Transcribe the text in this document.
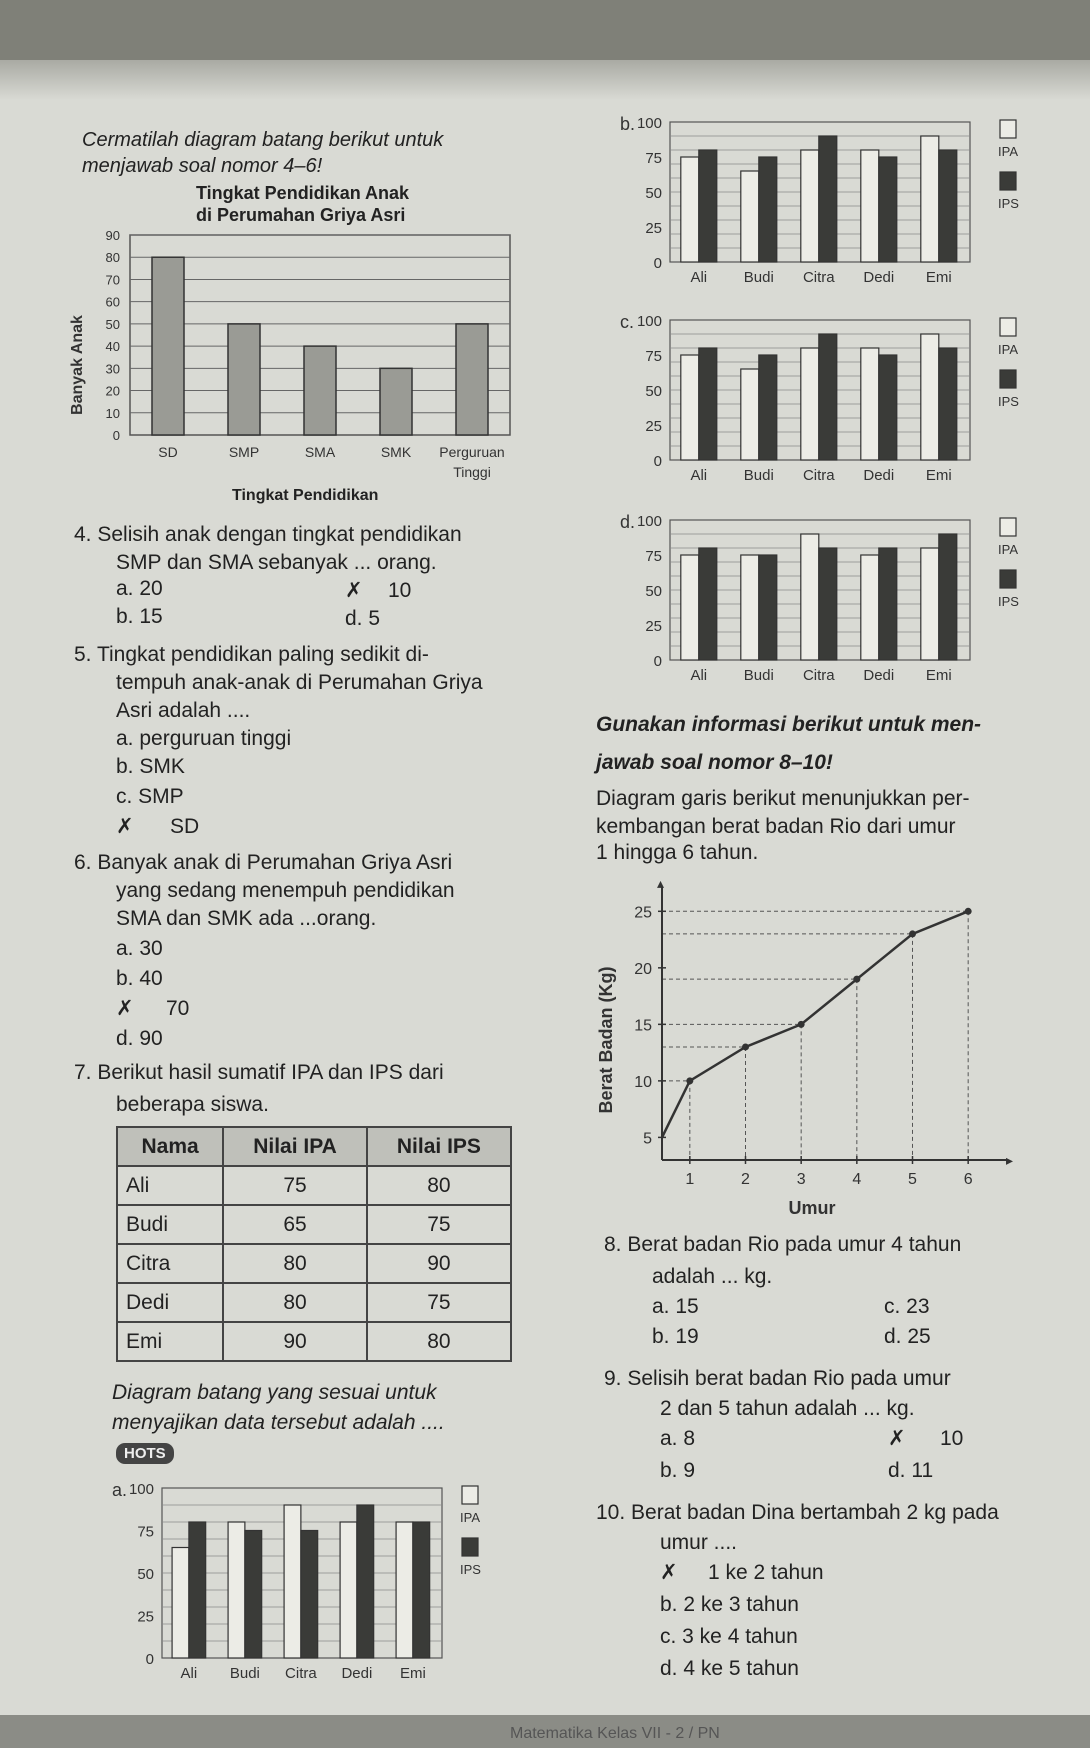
Cermatilah diagram batang berikut untuk
menjawab soal nomor 4–6!
Tingkat Pendidikan Anak
di Perumahan Griya Asri
0
10
20
30
40
50
60
70
80
90
SD	SMP	SMA	SMK Perguruan
Tinggi
Banyak Anak
Tingkat Pendidikan
4. Selisih anak dengan tingkat pendidikan
SMP dan SMA sebanyak ... orang.
a. 20
b. 15
✗ 10
d. 5
5. Tingkat pendidikan paling sedikit di-
tempuh anak-anak di Perumahan Griya
Asri adalah ....
a. perguruan tinggi
b. SMK
c. SMP
✗ SD
6. Banyak anak di Perumahan Griya Asri
yang sedang menempuh pendidikan
SMA dan SMK ada ...orang.
a. 30
b. 40
✗ 70
d. 90
7. Berikut hasil sumatif IPA dan IPS dari
beberapa siswa.
Nama	Nilai IPA	Nilai IPS
Ali	75	80
Budi	65	75
Citra	80	90
Dedi	80	75
Emi	90	80
Diagram batang yang sesuai untuk
menyajikan data tersebut adalah ....
HOTS
a.
0
25
50
75
100
Ali Budi Citra Dedi Emi
IPA
IPS
b.
0
25
50
75
100
Ali Budi Citra Dedi Emi
IPA
IPS
c.
0
25
50
75
100
Ali Budi Citra Dedi Emi
IPA
IPS
d.
0
25
50
75
100
Ali Budi Citra Dedi Emi
IPA
IPS
Gunakan informasi berikut untuk men-
jawab soal nomor 8–10!
Diagram garis berikut menunjukkan per-
kembangan berat badan Rio dari umur
1 hingga 6 tahun.
▸
▴
5
10
15
20
25
1	2	3	4	5	6
Berat Badan (Kg)
Umur
8. Berat badan Rio pada umur 4 tahun
adalah ... kg.
a. 15
b. 19
c. 23
d. 25
9. Selisih berat badan Rio pada umur
2 dan 5 tahun adalah ... kg.
a. 8
b. 9
✗ 10
d. 11
10. Berat badan Dina bertambah 2 kg pada
umur ....
✗ 1 ke 2 tahun
b. 2 ke 3 tahun
c. 3 ke 4 tahun
d. 4 ke 5 tahun
Matematika Kelas VII - 2 / PN
